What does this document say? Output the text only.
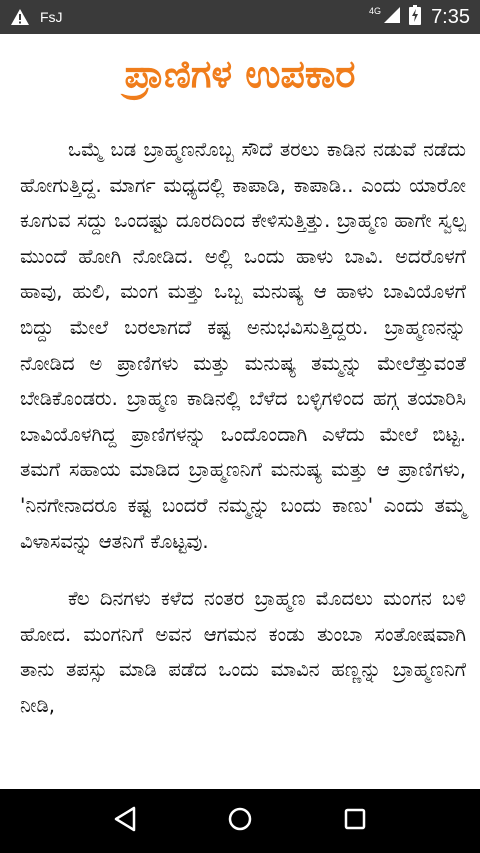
FsJ	4G	7:35
ಪ್ರಾಣಿಗಳ ಉಪಕಾರ

ಒಮ್ಮೆ ಬಡ ಬ್ರಾಹ್ಮಣನೊಬ್ಬ ಸೌದೆ ತರಲು ಕಾಡಿನ ನಡುವೆ ನಡೆದು ಹೋಗುತ್ತಿದ್ದ. ಮಾರ್ಗ ಮಧ್ಯದಲ್ಲಿ ಕಾಪಾಡಿ, ಕಾಪಾಡಿ.. ಎಂದು ಯಾರೋ ಕೂಗುವ ಸದ್ದು ಒಂದಷ್ಟು ದೂರದಿಂದ ಕೇಳಿಸುತ್ತಿತ್ತು. ಬ್ರಾಹ್ಮಣ ಹಾಗೇ ಸ್ವಲ್ಪ ಮುಂದೆ ಹೋಗಿ ನೋಡಿದ. ಅಲ್ಲಿ ಒಂದು ಹಾಳು ಬಾವಿ. ಅದರೊಳಗೆ ಹಾವು, ಹುಲಿ, ಮಂಗ ಮತ್ತು ಒಬ್ಬ ಮನುಷ್ಯ ಆ ಹಾಳು ಬಾವಿಯೊಳಗೆ ಬಿದ್ದು ಮೇಲೆ ಬರಲಾಗದೆ ಕಷ್ಟ ಅನುಭವಿಸುತ್ತಿದ್ದರು. ಬ್ರಾಹ್ಮಣನನ್ನು ನೋಡಿದ ಅ ಪ್ರಾಣಿಗಳು ಮತ್ತು ಮನುಷ್ಯ ತಮ್ಮನ್ನು ಮೇಲೆತ್ತುವಂತೆ ಬೇಡಿಕೊಂಡರು. ಬ್ರಾಹ್ಮಣ ಕಾಡಿನಲ್ಲಿ ಬೆಳೆದ ಬಳ್ಳಿಗಳಿಂದ ಹಗ್ಗ ತಯಾರಿಸಿ ಬಾವಿಯೊಳಗಿದ್ದ ಪ್ರಾಣಿಗಳನ್ನು ಒಂದೊಂದಾಗಿ ಎಳೆದು ಮೇಲೆ ಬಿಟ್ಟ. ತಮಗೆ ಸಹಾಯ ಮಾಡಿದ ಬ್ರಾಹ್ಮಣನಿಗೆ ಮನುಷ್ಯ ಮತ್ತು ಆ ಪ್ರಾಣಿಗಳು, 'ನಿನಗೇನಾದರೂ ಕಷ್ಟ ಬಂದರೆ ನಮ್ಮನ್ನು ಬಂದು ಕಾಣು' ಎಂದು ತಮ್ಮ ವಿಳಾಸವನ್ನು ಆತನಿಗೆ ಕೊಟ್ಟವು.

ಕೆಲ ದಿನಗಳು ಕಳೆದ ನಂತರ ಬ್ರಾಹ್ಮಣ ಮೊದಲು ಮಂಗನ ಬಳಿ ಹೋದ. ಮಂಗನಿಗೆ ಅವನ ಆಗಮನ ಕಂಡು ತುಂಬಾ ಸಂತೋಷವಾಗಿ ತಾನು ತಪಸ್ಸು ಮಾಡಿ ಪಡೆದ ಒಂದು ಮಾವಿನ ಹಣ್ಣನ್ನು ಬ್ರಾಹ್ಮಣನಿಗೆ ನೀಡಿ,
